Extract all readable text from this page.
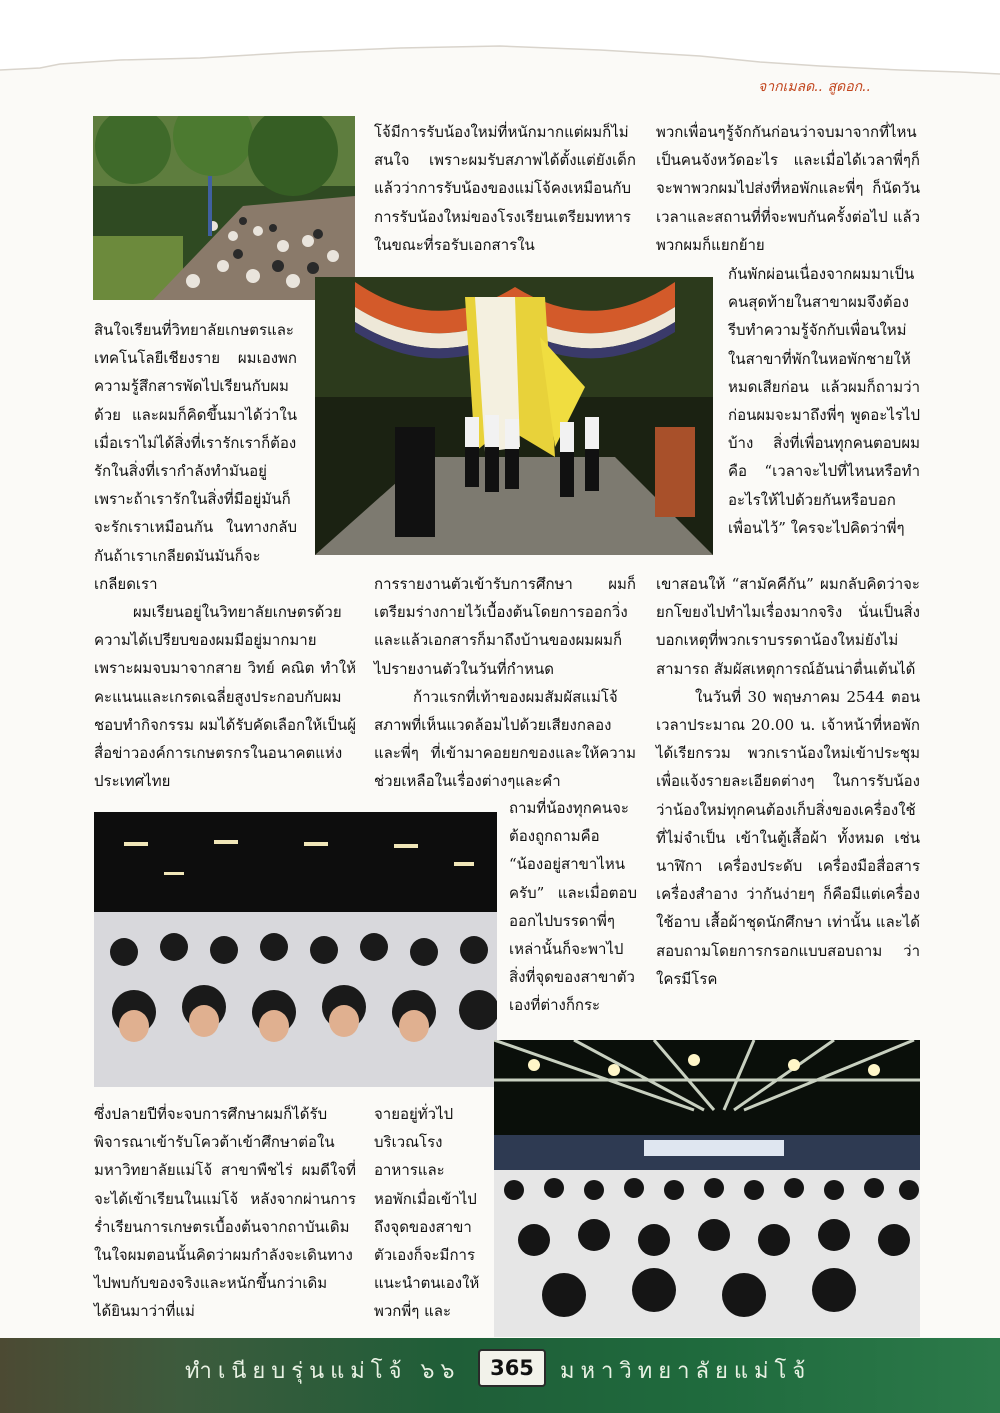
จากเมลด.. สูดอก..

โจ้มีการรับน้องใหม่ที่หนักมากแต่ผมก็ไม่สนใจ เพราะผมรับสภาพได้ตั้งแต่ยังเด็กแล้วว่าการรับน้องของแม่โจ้คงเหมือนกับการรับน้องใหม่ของโรงเรียนเตรียมทหาร ในขณะที่รอรับเอกสารใน

พวกเพื่อนๆรู้จักกันก่อนว่าจบมาจากที่ไหน เป็นคนจังหวัดอะไร และเมื่อได้เวลาพี่ๆก็จะพาพวกผมไปส่งที่หอพักและพี่ๆ ก็นัดวันเวลาและสถานที่ที่จะพบกันครั้งต่อไป แล้วพวกผมก็แยกย้าย

กันพักผ่อนเนื่องจากผมมาเป็นคนสุดท้ายในสาขาผมจึงต้องรีบทำความรู้จักกับเพื่อนใหม่ในสาขาที่พักในหอพักชายให้หมดเสียก่อน แล้วผมก็ถามว่าก่อนผมจะมาถึงพี่ๆ พูดอะไรไปบ้าง สิ่งที่เพื่อนทุกคนตอบผม คือ “เวลาจะไปที่ไหนหรือทำอะไรให้ไปด้วยกันหรือบอกเพื่อนไว้” ใครจะไปคิดว่าพี่ๆ

สินใจเรียนที่วิทยาลัยเกษตรและเทคโนโลยีเชียงราย ผมเองพกความรู้สึกสารพัดไปเรียนกับผมด้วย และผมก็คิดขึ้นมาได้ว่าในเมื่อเราไม่ได้สิ่งที่เรารักเราก็ต้องรักในสิ่งที่เรากำลังทำมันอยู่เพราะถ้าเรารักในสิ่งที่มีอยู่มันก็จะรักเราเหมือนกัน ในทางกลับกันถ้าเราเกลียดมันมันก็จะเกลียดเรา

ผมเรียนอยู่ในวิทยาลัยเกษตรด้วยความได้เปรียบของผมมีอยู่มากมาย เพราะผมจบมาจากสาย วิทย์ คณิต ทำให้คะแนนและเกรดเฉลี่ยสูงประกอบกับผมชอบทำกิจกรรม ผมได้รับคัดเลือกให้เป็นผู้สื่อข่าวองค์การเกษตรกรในอนาคตแห่งประเทศไทย

การรายงานตัวเข้ารับการศึกษา ผมก็เตรียมร่างกายไว้เบื้องต้นโดยการออกวิ่ง และแล้วเอกสารก็มาถึงบ้านของผมผมก็ไปรายงานตัวในวันที่กำหนด

ก้าวแรกที่เท้าของผมสัมผัสแม่โจ้สภาพที่เห็นแวดล้อมไปด้วยเสียงกลองและพี่ๆ ที่เข้ามาคอยยกของและให้ความช่วยเหลือในเรื่องต่างๆและคำ

ถามที่น้องทุกคนจะต้องถูกถามคือ “น้องอยู่สาขาไหนครับ” และเมื่อตอบออกไปบรรดาพี่ๆเหล่านั้นก็จะพาไปสิ่งที่จุดของสาขาตัวเองที่ต่างก็กระ

เขาสอนให้ “สามัคคีกัน” ผมกลับคิดว่าจะยกโขยงไปทำไมเรื่องมากจริง นั่นเป็นสิ่งบอกเหตุที่พวกเราบรรดาน้องใหม่ยังไม่สามารถ สัมผัสเหตุการณ์อันน่าตื่นเต้นได้

ในวันที่ 30 พฤษภาคม 2544 ตอนเวลาประมาณ 20.00 น. เจ้าหน้าที่หอพักได้เรียกรวม พวกเราน้องใหม่เข้าประชุม เพื่อแจ้งรายละเอียดต่างๆ ในการรับน้อง ว่าน้องใหม่ทุกคนต้องเก็บสิ่งของเครื่องใช้ที่ไม่จำเป็น เข้าในตู้เสื้อผ้า ทั้งหมด เช่น นาฬิกา เครื่องประดับ เครื่องมือสื่อสาร เครื่องสำอาง ว่ากันง่ายๆ ก็คือมีแต่เครื่องใช้อาบ เสื้อผ้าชุดนักศึกษา เท่านั้น และได้สอบถามโดยการกรอกแบบสอบถาม ว่าใครมีโรค

ซึ่งปลายปีที่จะจบการศึกษาผมก็ได้รับพิจารณาเข้ารับโควต้าเข้าศึกษาต่อในมหาวิทยาลัยแม่โจ้ สาขาพืชไร่ ผมดีใจที่จะได้เข้าเรียนในแม่โจ้ หลังจากผ่านการร่ำเรียนการเกษตรเบื้องต้นจากถาบันเดิม ในใจผมตอนนั้นคิดว่าผมกำลังจะเดินทางไปพบกับของจริงและหนักขึ้นกว่าเดิม ได้ยินมาว่าที่แม่

จายอยู่ทั่วไปบริเวณโรงอาหารและหอพักเมื่อเข้าไปถึงจุดของสาขาตัวเองก็จะมีการแนะนำตนเองให้พวกพี่ๆ และ

ทำเนียบรุ่นแม่โจ้ ๖๖	365	มหาวิทยาลัยแม่โจ้
